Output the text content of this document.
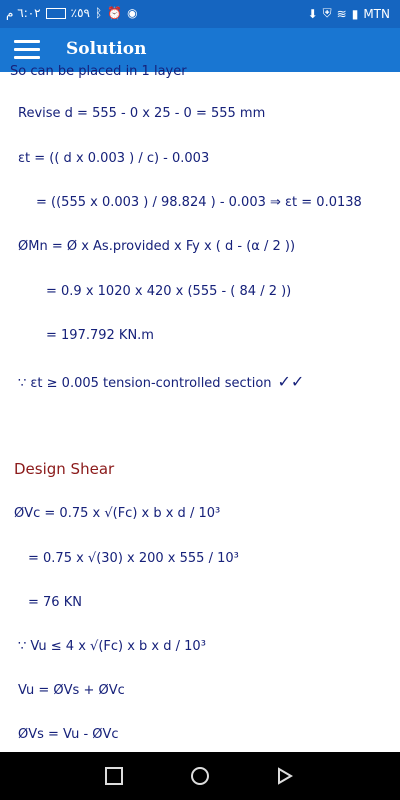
٦:٠٢ م	٪٥٩ ᛒ ⏰ ◉	⬇ ⛨ ≋ ▮ MTN
Solution
So can be placed in 1 layer
Revise d = 555 - 0 x 25 - 0 = 555 mm
εt = (( d x 0.003 ) / c) - 0.003
= ((555 x 0.003 ) / 98.824 ) - 0.003 ⇒ εt = 0.0138
ØMn = Ø x As.provided x Fy x ( d - (α / 2 ))
= 0.9 x 1020 x 420 x (555 - ( 84 / 2 ))
= 197.792 KN.m
∵ εt ≥ 0.005 tension-controlled section ✓✓
Design Shear
ØVc = 0.75 x √(Fc) x b x d / 10³
= 0.75 x √(30) x 200 x 555 / 10³
= 76 KN
∵ Vu ≤ 4 x √(Fc) x b x d / 10³
Vu = ØVs + ØVc
ØVs = Vu - ØVc
